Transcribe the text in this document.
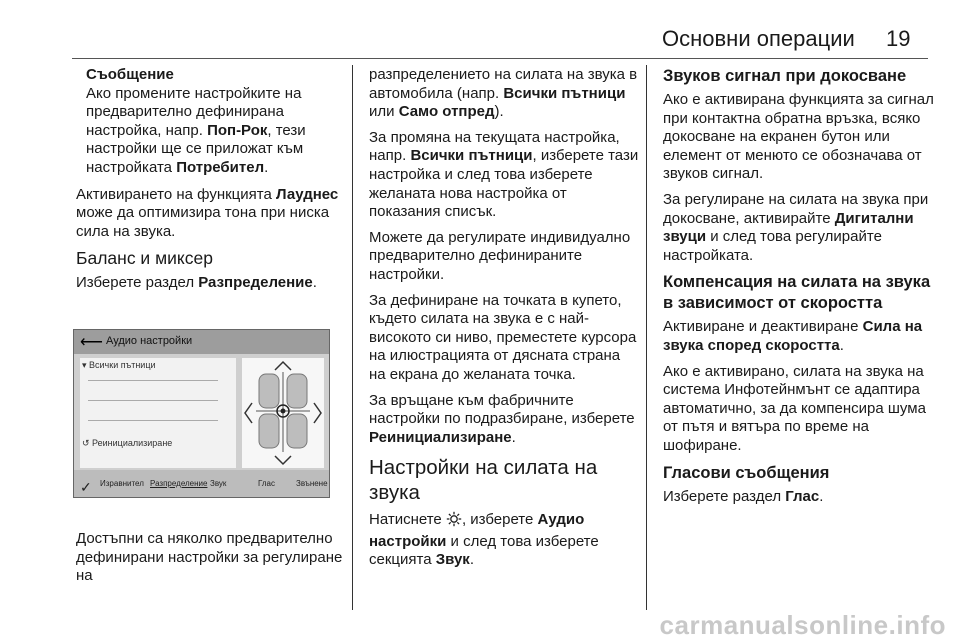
Основни операции 19
Съобщение
Ако промените настройките на предварително дефинирана настройка, напр. Поп-Рок, тези настройки ще се приложат към настройката Потребител.

Активирането на функцията Лауднес може да оптимизира тона при ниска сила на звука.

Баланс и миксер

Изберете раздел Разпределение.

⟵ Аудио настройки
▾ Всички пътници
↺ Реинициализиране
✓ Изравнител Разпределение Звук	Глас	Звънене

Достъпни са няколко предварително дефинирани настройки за регулиране на

разпределението на силата на звука в автомобила (напр. Всички пътници или Само отпред).

За промяна на текущата настройка, напр. Всички пътници, изберете тази настройка и след това изберете желаната нова настройка от показания списък.

Можете да регулирате индивидуално предварително дефинираните настройки.

За дефиниране на точката в купето, където силата на звука е с най-високото си ниво, преместете курсора на илюстрацията от дясната страна на екрана до желаната точка.

За връщане към фабричните настройки по подразбиране, изберете Реинициализиране.

Настройки на силата на звука

Натиснете , изберете Аудио настройки и след това изберете секцията Звук.

Звуков сигнал при докосване

Ако е активирана функцията за сигнал при контактна обратна връзка, всяко докосване на екранен бутон или елемент от менюто се обозначава от звуков сигнал.

За регулиране на силата на звука при докосване, активирайте Дигитални звуци и след това регулирайте настройката.

Компенсация на силата на звука в зависимост от скоростта

Активиране и деактивиране Сила на звука според скоростта.

Ако е активирано, силата на звука на система Инфотейнмънт се адаптира автоматично, за да компенсира шума от пътя и вятъра по време на шофиране.

Гласови съобщения

Изберете раздел Глас.

carmanualsonline.info
